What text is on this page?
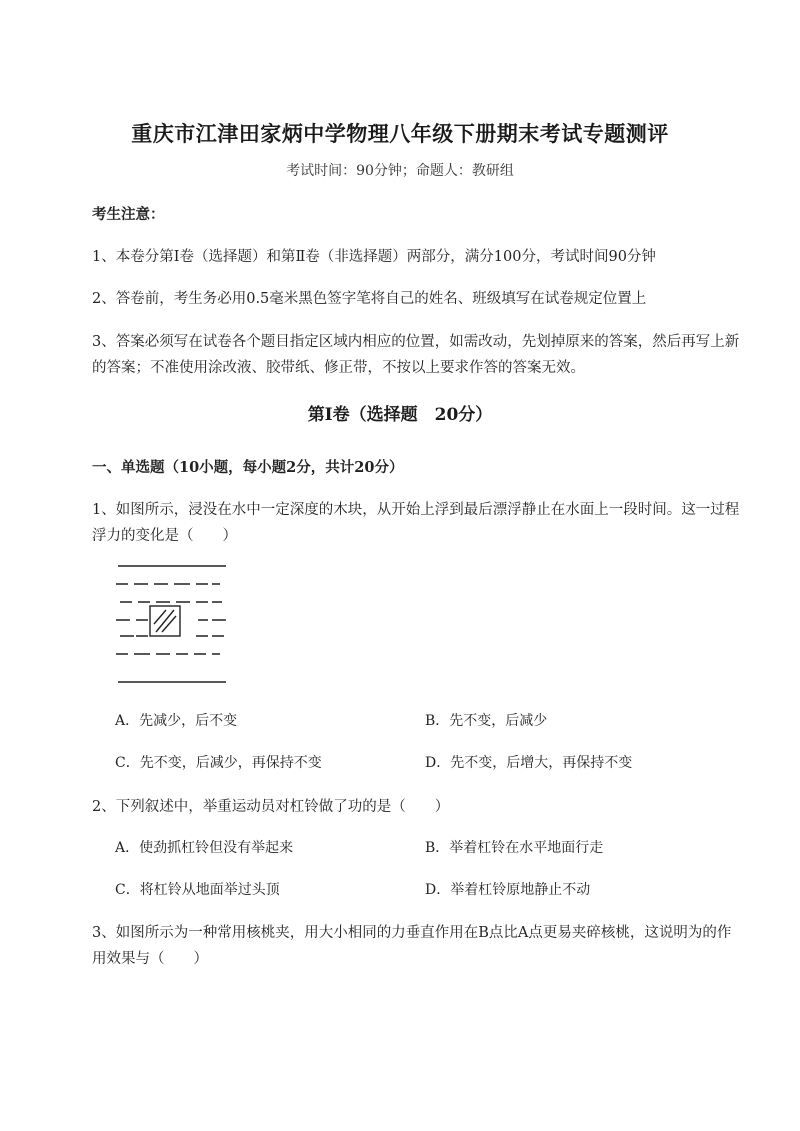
重庆市江津田家炳中学物理八年级下册期末考试专题测评
考试时间：90分钟；命题人：教研组
考生注意：
1、本卷分第I卷（选择题）和第Ⅱ卷（非选择题）两部分，满分100分，考试时间90分钟
2、答卷前，考生务必用0.5毫米黑色签字笔将自己的姓名、班级填写在试卷规定位置上
3、答案必须写在试卷各个题目指定区域内相应的位置，如需改动，先划掉原来的答案，然后再写上新
的答案；不准使用涂改液、胶带纸、修正带，不按以上要求作答的答案无效。
第I卷（选择题　20分）
一、单选题（10小题，每小题2分，共计20分）
1、如图所示，浸没在水中一定深度的木块，从开始上浮到最后漂浮静止在水面上一段时间。这一过程
浮力的变化是（　　）
A．先减少，后不变	B．先不变，后减少
C．先不变，后减少，再保持不变	D．先不变，后增大，再保持不变
2、下列叙述中，举重运动员对杠铃做了功的是（　　）
A．使劲抓杠铃但没有举起来	B．举着杠铃在水平地面行走
C．将杠铃从地面举过头顶	D．举着杠铃原地静止不动
3、如图所示为一种常用核桃夹，用大小相同的力垂直作用在B点比A点更易夹碎核桃，这说明为的作
用效果与（　　）
